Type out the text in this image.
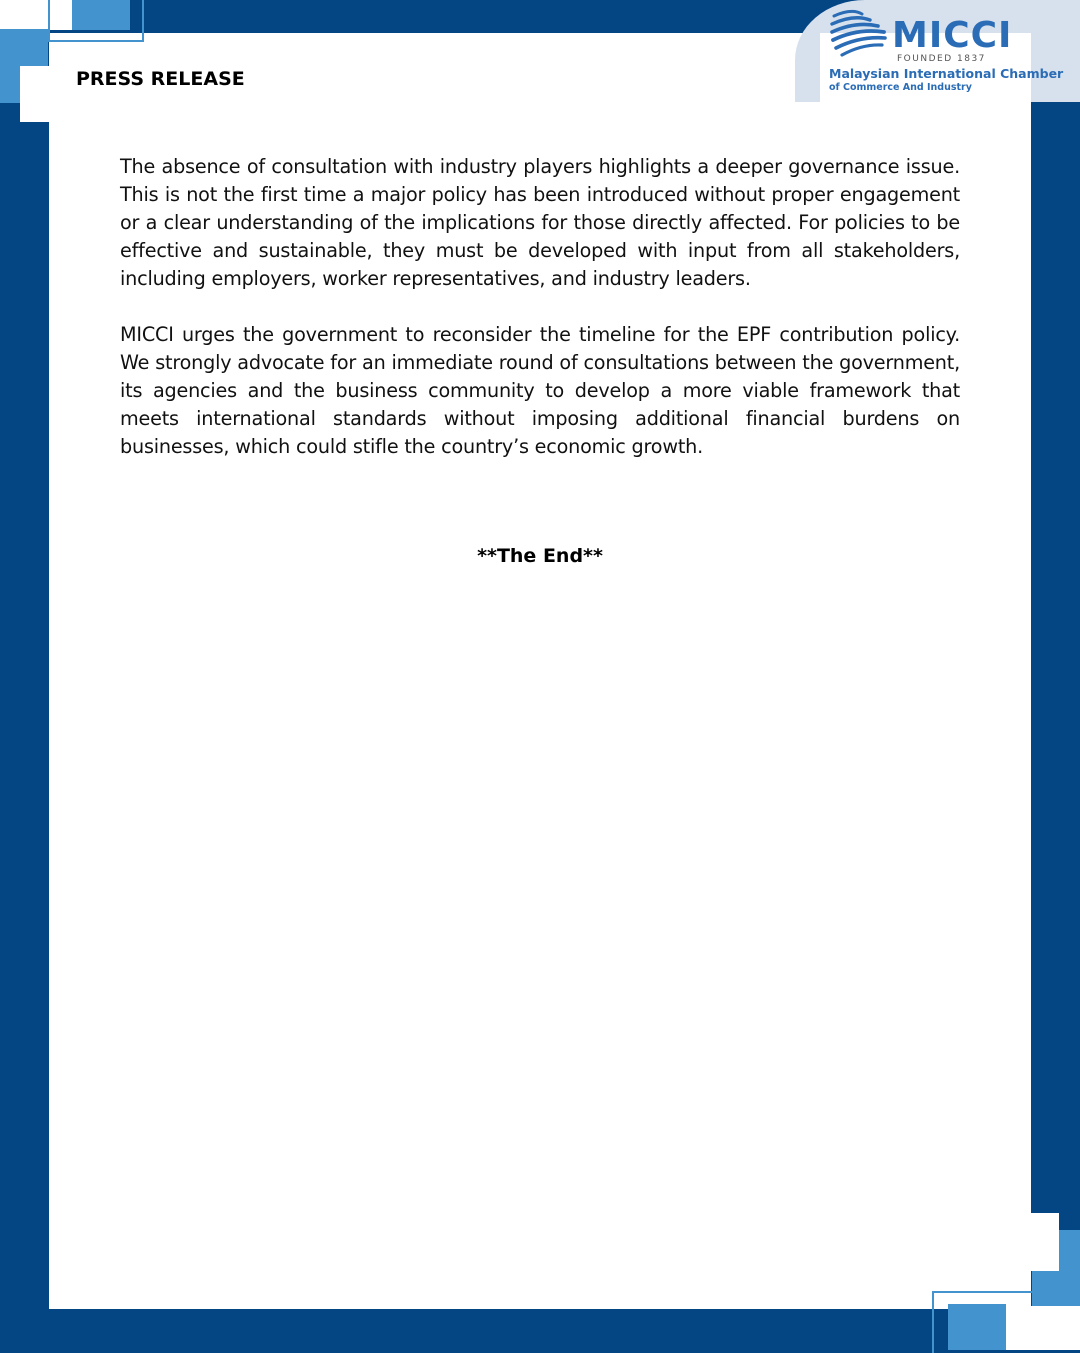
MICCI
FOUNDED 1837
Malaysian International Chamber
of Commerce And Industry
PRESS RELEASE

The absence of consultation with industry players highlights a deeper governance issue. This is not the first time a major policy has been introduced without proper engagement or a clear understanding of the implications for those directly affected. For policies to be effective and sustainable, they must be developed with input from all stakeholders, including employers, worker representatives, and industry leaders.

MICCI urges the government to reconsider the timeline for the EPF contribution policy. We strongly advocate for an immediate round of consultations between the government, its agencies and the business community to develop a more viable framework that meets international standards without imposing additional financial burdens on businesses, which could stifle the country’s economic growth.

**The End**
